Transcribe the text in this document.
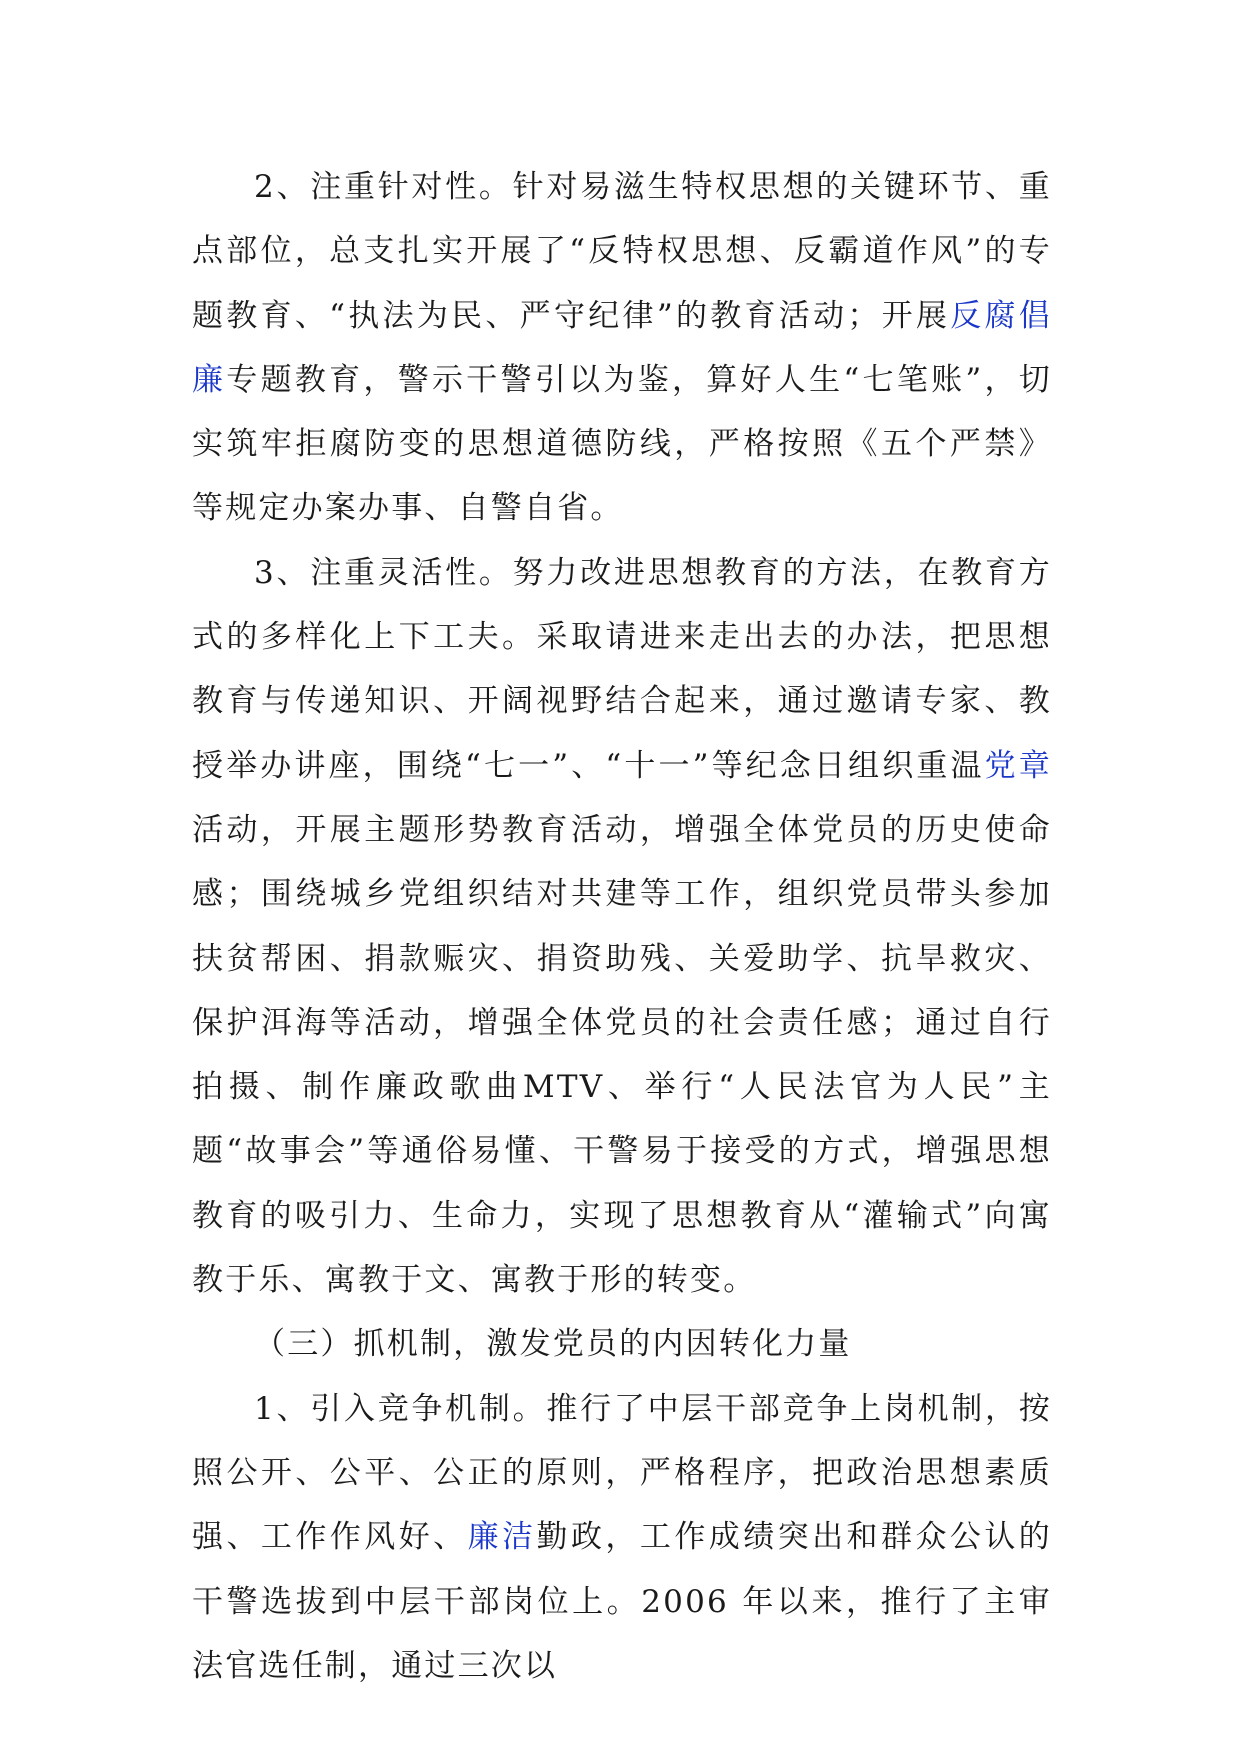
2、注重针对性。针对易滋生特权思想的关键环节、重点部位，总支扎实开展了“反特权思想、反霸道作风”的专题教育、“执法为民、严守纪律”的教育活动；开展反腐倡廉专题教育，警示干警引以为鉴，算好人生“七笔账”，切实筑牢拒腐防变的思想道德防线，严格按照《五个严禁》等规定办案办事、自警自省。

3、注重灵活性。努力改进思想教育的方法，在教育方式的多样化上下工夫。采取请进来走出去的办法，把思想教育与传递知识、开阔视野结合起来，通过邀请专家、教授举办讲座，围绕“七一”、“十一”等纪念日组织重温党章活动，开展主题形势教育活动，增强全体党员的历史使命感；围绕城乡党组织结对共建等工作，组织党员带头参加扶贫帮困、捐款赈灾、捐资助残、关爱助学、抗旱救灾、保护洱海等活动，增强全体党员的社会责任感；通过自行拍摄、制作廉政歌曲MTV、举行“人民法官为人民”主题“故事会”等通俗易懂、干警易于接受的方式，增强思想教育的吸引力、生命力，实现了思想教育从“灌输式”向寓教于乐、寓教于文、寓教于形的转变。

（三）抓机制，激发党员的内因转化力量

1、引入竞争机制。推行了中层干部竞争上岗机制，按照公开、公平、公正的原则，严格程序，把政治思想素质强、工作作风好、廉洁勤政，工作成绩突出和群众公认的干警选拔到中层干部岗位上。2006 年以来，推行了主审法官选任制，通过三次以
